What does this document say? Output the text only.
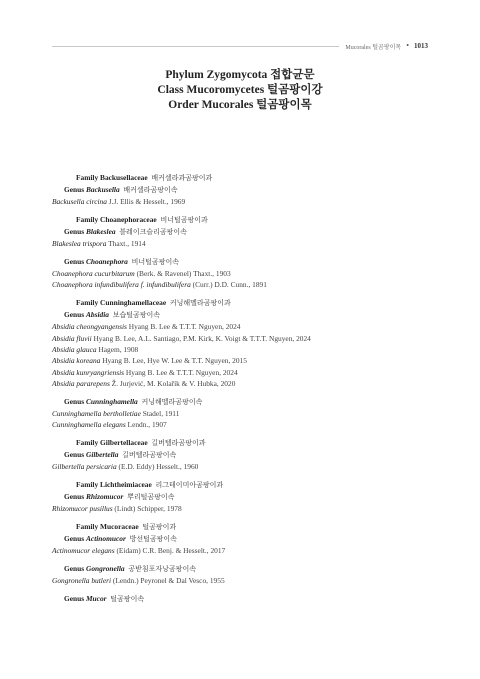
Mucorales 털곰팡이목 • 1013
Phylum Zygomycota 접합균문
Class Mucoromycetes 털곰팡이강
Order Mucorales 털곰팡이목
Family Backusellaceae 배커셀라과곰팡이과
Genus Backusella 배커셀라곰팡이속
Backusella circina J.J. Ellis & Hesselt., 1969
Family Choanephoraceae 비너털곰팡이과
Genus Blakeslea 블레이크슬리곰팡이속
Blakeslea trispora Thaxt., 1914
Genus Choanephora 비너털곰팡이속
Choanephora cucurbitarum (Berk. & Ravenel) Thaxt., 1903
Choanephora infundibulifera f. infundibulifera (Curr.) D.D. Cunn., 1891
Family Cunninghamellaceae 커닝해멜라곰팡이과
Genus Absidia 보습털곰팡이속
Absidia cheongyangensis Hyang B. Lee & T.T.T. Nguyen, 2024
Absidia fluvii Hyang B. Lee, A.L. Santiago, P.M. Kirk, K. Voigt & T.T.T. Nguyen, 2024
Absidia glauca Hagem, 1908
Absidia koreana Hyang B. Lee, Hye W. Lee & T.T. Nguyen, 2015
Absidia kunryangriensis Hyang B. Lee & T.T.T. Nguyen, 2024
Absidia pararepens Ž. Jurjević, M. Kolařík & V. Hubka, 2020
Genus Cunninghamella 커닝해멜라곰팡이속
Cunninghamella bertholletiae Stadel, 1911
Cunninghamella elegans Lendn., 1907
Family Gilbertellaceae 길버텔라곰팡이과
Genus Gilbertella 길버텔라곰팡이속
Gilbertella persicaria (E.D. Eddy) Hesselt., 1960
Family Lichtheimiaceae 리그테이미아곰팡이과
Genus Rhizomucor 뿌리털곰팡이속
Rhizomucor pusillus (Lindt) Schipper, 1978
Family Mucoraceae 털곰팡이과
Genus Actinomucor 방선털곰팡이속
Actinomucor elegans (Eidam) C.R. Benj. & Hesselt., 2017
Genus Gongronella 공받침포자낭곰팡이속
Gongronella butleri (Lendn.) Peyronel & Dal Vesco, 1955
Genus Mucor 털곰팡이속
